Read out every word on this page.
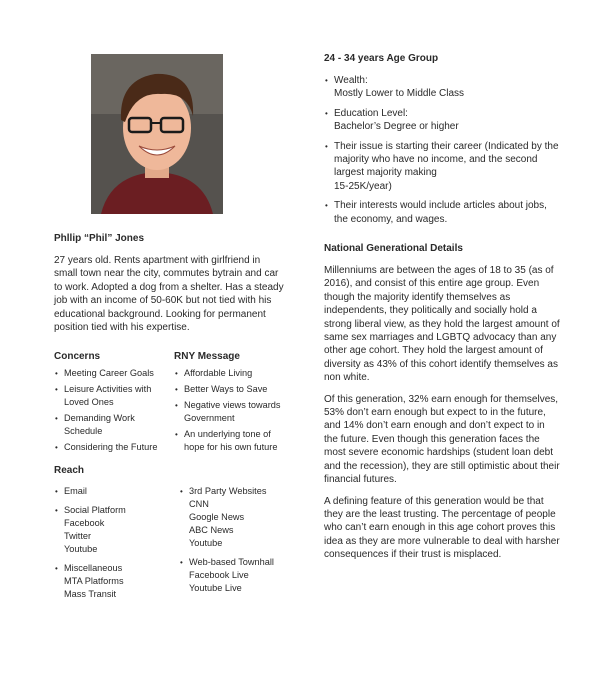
Phllip “Phil” Jones

27 years old. Rents apartment with girlfriend in small town near the city, commutes bytrain and car to work. Adopted a dog from a shelter. Has a steady job with an income of 50-60K but not tied with his educational background. Looking for permanent position tied with his expertise.

Concerns
• Meeting Career Goals
• Leisure Activities with Loved Ones
• Demanding Work Schedule
• Considering the Future
RNY Message
• Affordable Living
• Better Ways to Save
• Negative views towards Government
• An underlying tone of hope for his own future
Reach
• Email
• Social Platform
Facebook
Twitter
Youtube
• Miscellaneous
MTA Platforms
Mass Transit
• 3rd Party Websites
CNN
Google News
ABC News
Youtube
• Web-based Townhall
Facebook Live
Youtube Live
24 - 34 years Age Group
• Wealth:
Mostly Lower to Middle Class
• Education Level:
Bachelor’s Degree or higher
• Their issue is starting their career (Indicated by the majority who have no income, and the second largest majority making
15-25K/year)
• Their interests would include articles about jobs, the economy, and wages.
National Generational Details

Millenniums are between the ages of 18 to 35 (as of 2016), and consist of this entire age group. Even though the majority identify themselves as independents, they politically and socially hold a strong liberal view, as they hold the largest amount of same sex marriages and LGBTQ advocacy than any other age cohort. They hold the largest amount of diversity as 43% of this cohort identify themselves as non white.

Of this generation, 32% earn enough for themselves, 53% don’t earn enough but expect to in the future, and 14% don’t earn enough and don’t expect to in the future. Even though this generation faces the most severe economic hardships (student loan debt and the recession), they are still optimistic about their financial futures.

A defining feature of this generation would be that they are the least trusting. The percentage of people who can’t earn enough in this age cohort proves this idea as they are more vulnerable to deal with harsher consequences if their trust is misplaced.
